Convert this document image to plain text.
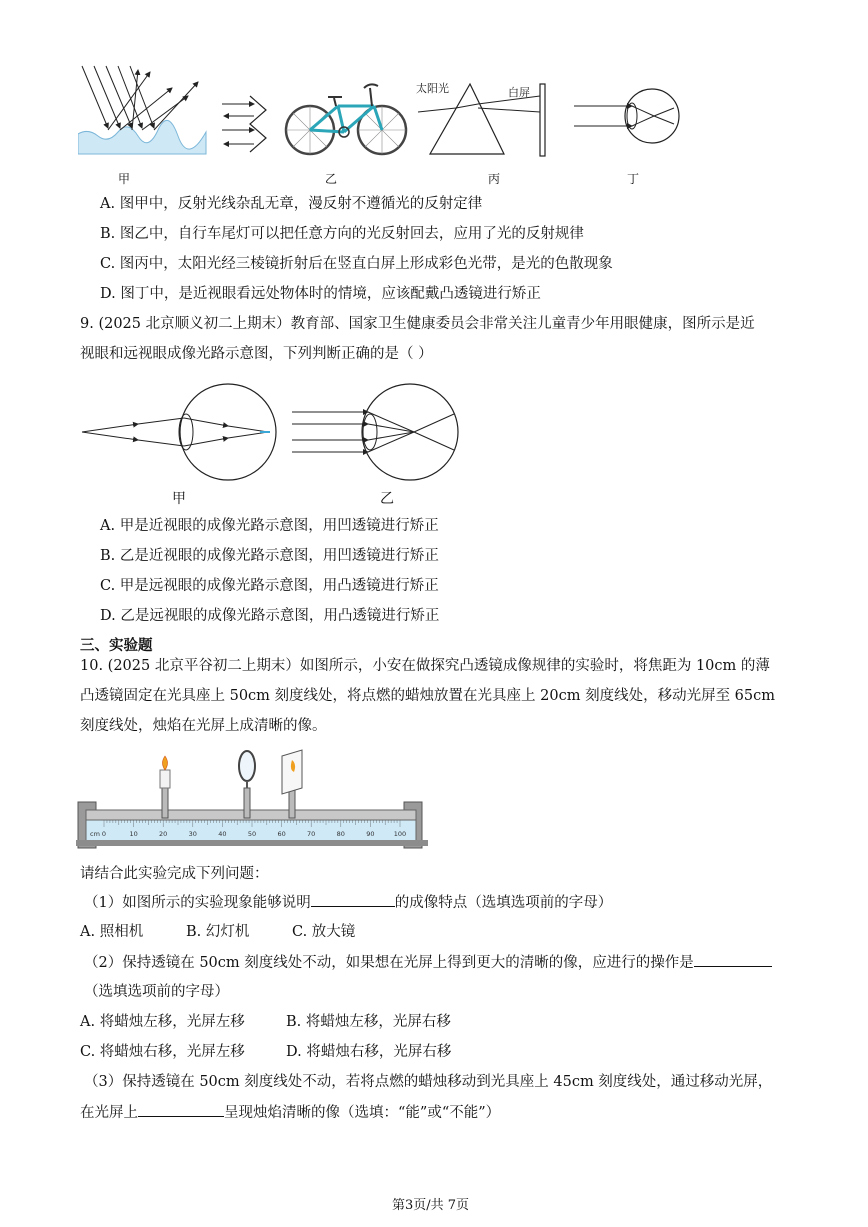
甲	乙
太阳光	白屏
丙	丁
A. 图甲中，反射光线杂乱无章，漫反射不遵循光的反射定律
B. 图乙中，自行车尾灯可以把任意方向的光反射回去，应用了光的反射规律
C. 图丙中，太阳光经三棱镜折射后在竖直白屏上形成彩色光带，是光的色散现象
D. 图丁中，是近视眼看远处物体时的情境，应该配戴凸透镜进行矫正
9. (2025 北京顺义初二上期末）教育部、国家卫生健康委员会非常关注儿童青少年用眼健康，图所示是近
视眼和远视眼成像光路示意图，下列判断正确的是（ ）
甲	乙
A. 甲是近视眼的成像光路示意图，用凹透镜进行矫正
B. 乙是近视眼的成像光路示意图，用凹透镜进行矫正
C. 甲是远视眼的成像光路示意图，用凸透镜进行矫正
D. 乙是远视眼的成像光路示意图，用凸透镜进行矫正
三、实验题
10. (2025 北京平谷初二上期末）如图所示，小安在做探究凸透镜成像规律的实验时，将焦距为 10cm 的薄
凸透镜固定在光具座上 50cm 刻度线处，将点燃的蜡烛放置在光具座上 20cm 刻度线处，移动光屏至 65cm
刻度线处，烛焰在光屏上成清晰的像。
0	10	20	30	40	50	60	70	80	90	100
cm
请结合此实验完成下列问题：
（1）如图所示的实验现象能够说明	的成像特点（选填选项前的字母）
A. 照相机	B. 幻灯机	C. 放大镜
（2）保持透镜在 50cm 刻度线处不动，如果想在光屏上得到更大的清晰的像，应进行的操作是
（选填选项前的字母）
A. 将蜡烛左移，光屏左移	B. 将蜡烛左移，光屏右移
C. 将蜡烛右移，光屏左移	D. 将蜡烛右移，光屏右移
（3）保持透镜在 50cm 刻度线处不动，若将点燃的蜡烛移动到光具座上 45cm 刻度线处，通过移动光屏，
在光屏上	呈现烛焰清晰的像（选填：“能”或“不能”）
第3页/共 7页
